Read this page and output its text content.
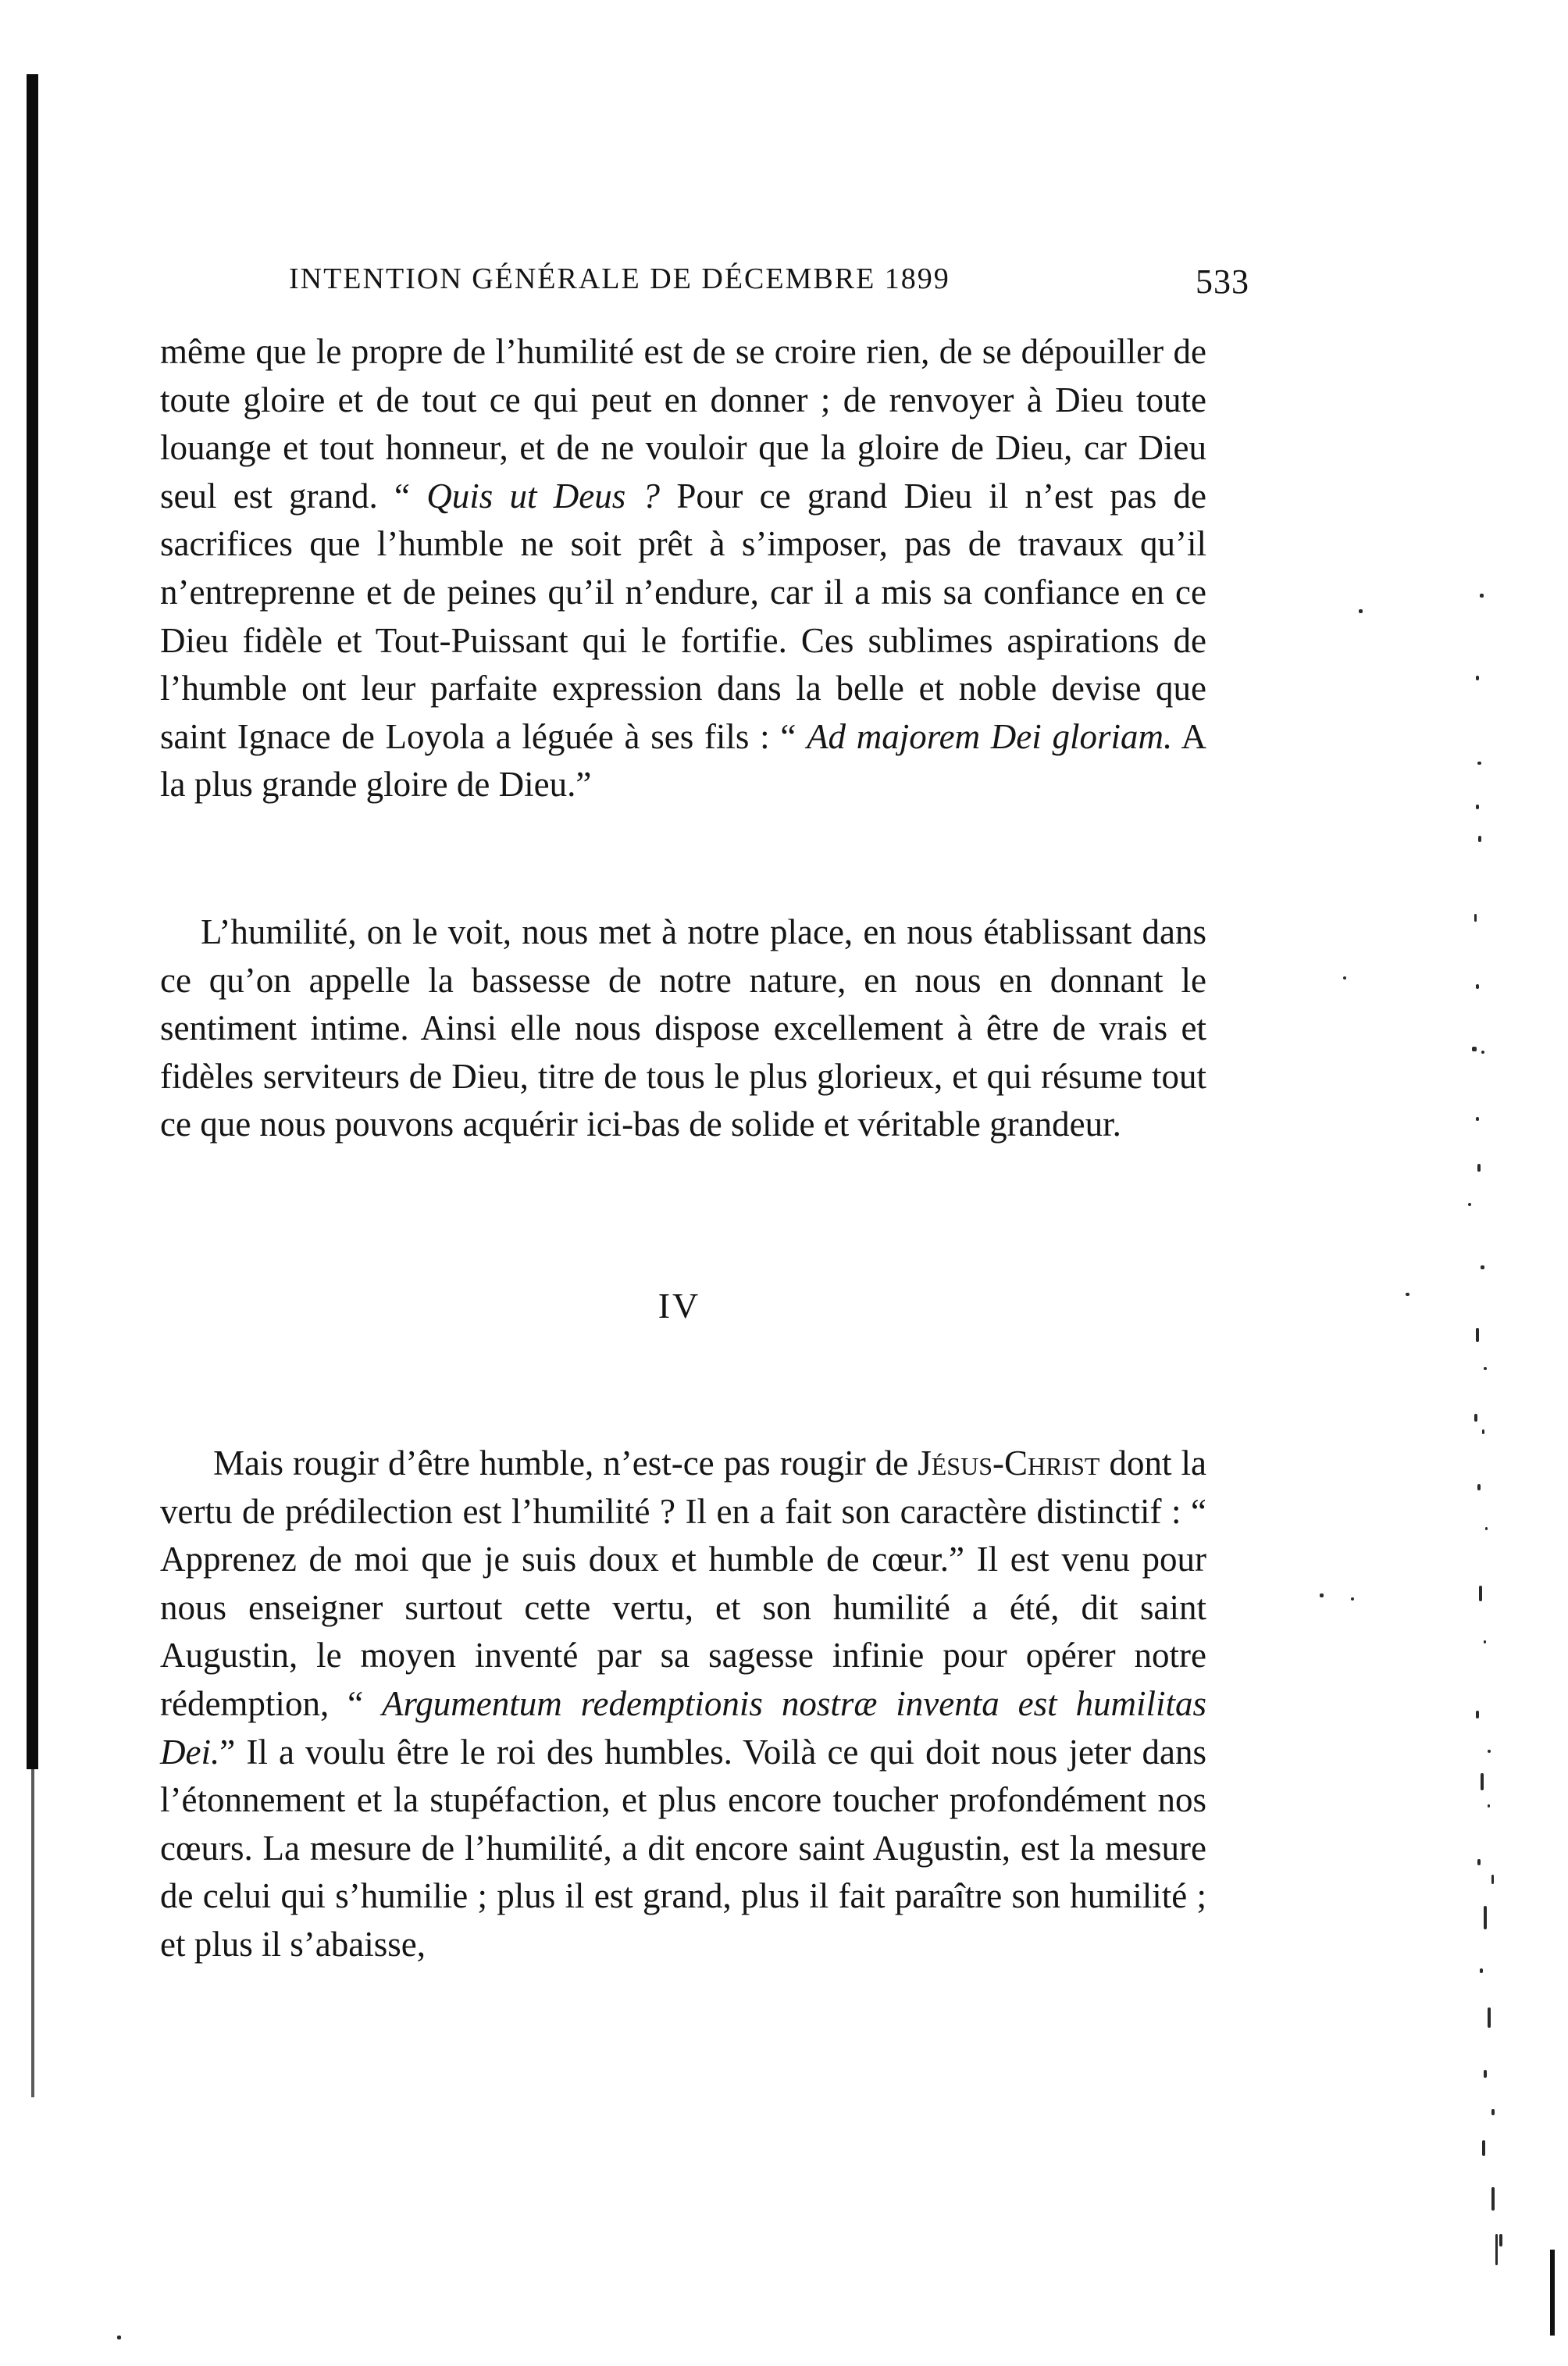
INTENTION GÉNÉRALE DE DÉCEMBRE 1899	533

même que le propre de l’humilité est de se croire rien, de se dépouiller de toute gloire et de tout ce qui peut en donner ; de renvoyer à Dieu toute louange et tout honneur, et de ne vouloir que la gloire de Dieu, car Dieu seul est grand. “ Quis ut Deus ? Pour ce grand Dieu il n’est pas de sacrifices que l’humble ne soit prêt à s’imposer, pas de travaux qu’il n’entreprenne et de peines qu’il n’endure, car il a mis sa confiance en ce Dieu fidèle et Tout-Puissant qui le fortifie. Ces sublimes aspirations de l’humble ont leur parfaite expression dans la belle et noble devise que saint Ignace de Loyola a léguée à ses fils : “ Ad majorem Dei gloriam. A la plus grande gloire de Dieu.”

L’humilité, on le voit, nous met à notre place, en nous établissant dans ce qu’on appelle la bassesse de notre nature, en nous en donnant le sentiment intime. Ainsi elle nous dispose excellement à être de vrais et fidèles serviteurs de Dieu, titre de tous le plus glorieux, et qui résume tout ce que nous pouvons acquérir ici-bas de solide et véritable grandeur.

IV

Mais rougir d’être humble, n’est-ce pas rougir de Jésus-Christ dont la vertu de prédilection est l’humilité ? Il en a fait son caractère distinctif : “ Apprenez de moi que je suis doux et humble de cœur.” Il est venu pour nous enseigner surtout cette vertu, et son humilité a été, dit saint Augustin, le moyen inventé par sa sagesse infinie pour opérer notre rédemption, “ Argumentum redemptionis nostræ inventa est humilitas Dei.” Il a voulu être le roi des humbles. Voilà ce qui doit nous jeter dans l’étonnement et la stupéfaction, et plus encore toucher profondément nos cœurs. La mesure de l’humilité, a dit encore saint Augustin, est la mesure de celui qui s’humilie ; plus il est grand, plus il fait paraître son humilité ; et plus il s’abaisse,
